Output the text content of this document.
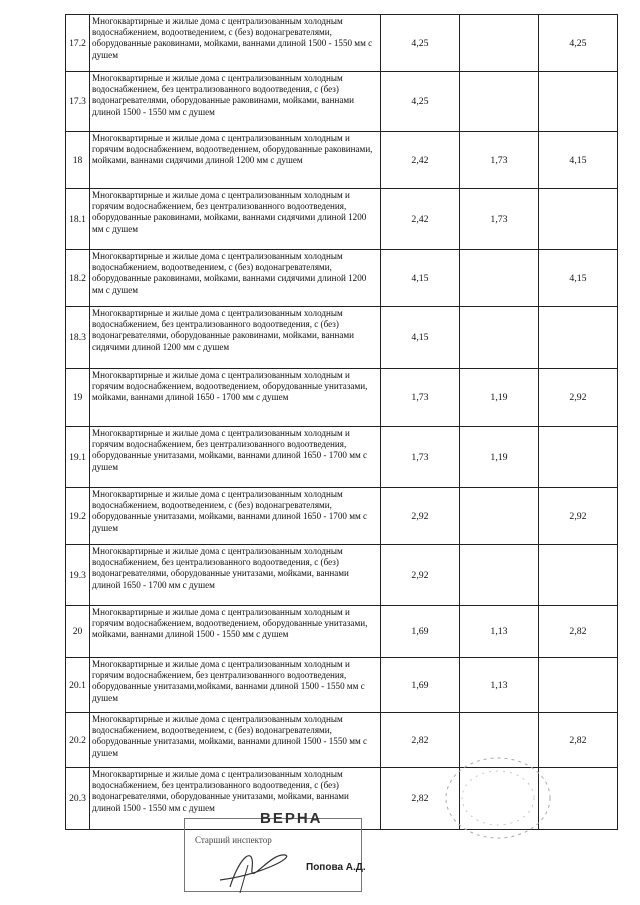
17.2	Многоквартирные и жилые дома с централизованным холодным водоснабжением, водоотведением, с (без) водонагревателями, оборудованные раковинами, мойками, ваннами длиной 1500 - 1550 мм с душем	4,25		4,25
17.3	Многоквартирные и жилые дома с централизованным холодным водоснабжением, без централизованного водоотведения, с (без) водонагревателями, оборудованные раковинами, мойками, ваннами длиной 1500 - 1550 мм с душем	4,25		
18	Многоквартирные и жилые дома с централизованным холодным и горячим водоснабжением, водоотведением, оборудованные раковинами, мойками, ваннами сидячими длиной 1200 мм с душем	2,42	1,73	4,15
18.1	Многоквартирные и жилые дома с централизованным холодным и горячим водоснабжением, без централизованного водоотведения, оборудованные раковинами, мойками, ваннами сидячими длиной 1200 мм с душем	2,42	1,73	
18.2	Многоквартирные и жилые дома с централизованным холодным водоснабжением, водоотведением, с (без) водонагревателями, оборудованные раковинами, мойками, ваннами сидячими длиной 1200 мм с душем	4,15		4,15
18.3	Многоквартирные и жилые дома с централизованным холодным водоснабжением, без централизованного водоотведения, с (без) водонагревателями, оборудованные раковинами, мойками, ваннами сидячими длиной 1200 мм с душем	4,15		
19	Многоквартирные и жилые дома с централизованным холодным и горячим водоснабжением, водоотведением, оборудованные унитазами, мойками, ваннами длиной 1650 - 1700 мм с душем	1,73	1,19	2,92
19.1	Многоквартирные и жилые дома с централизованным холодным и горячим водоснабжением, без централизованного водоотведения, оборудованные унитазами, мойками, ваннами длиной 1650 - 1700 мм с душем	1,73	1,19	
19.2	Многоквартирные и жилые дома с централизованным холодным водоснабжением, водоотведением, с (без) водонагревателями, оборудованные унитазами, мойками, ваннами длиной 1650 - 1700 мм с душем	2,92		2,92
19.3	Многоквартирные и жилые дома с централизованным холодным водоснабжением, без централизованного водоотведения, с (без) водонагревателями, оборудованные унитазами, мойками, ваннами длиной 1650 - 1700 мм с душем	2,92		
20	Многоквартирные и жилые дома с централизованным холодным и горячим водоснабжением, водоотведением, оборудованные унитазами, мойками, ваннами длиной 1500 - 1550 мм с душем	1,69	1,13	2,82
20.1	Многоквартирные и жилые дома с централизованным холодным и горячим водоснабжением, без централизованного водоотведения, оборудованные унитазами,мойками, ваннами длиной 1500 - 1550 мм с душем	1,69	1,13	
20.2	Многоквартирные и жилые дома с централизованным холодным водоснабжением, водоотведением, с (без) водонагревателями, оборудованные унитазами, мойками, ваннами длиной 1500 - 1550 мм с душем	2,82		2,82
20.3	Многоквартирные и жилые дома с централизованным холодным водоснабжением, без централизованного водоотведения, с (без) водонагревателями, оборудованные унитазами, мойками, ваннами длиной 1500 - 1550 мм с душем	2,82		
ВЕРНА
Старший инспектор
Попова А.Д.
